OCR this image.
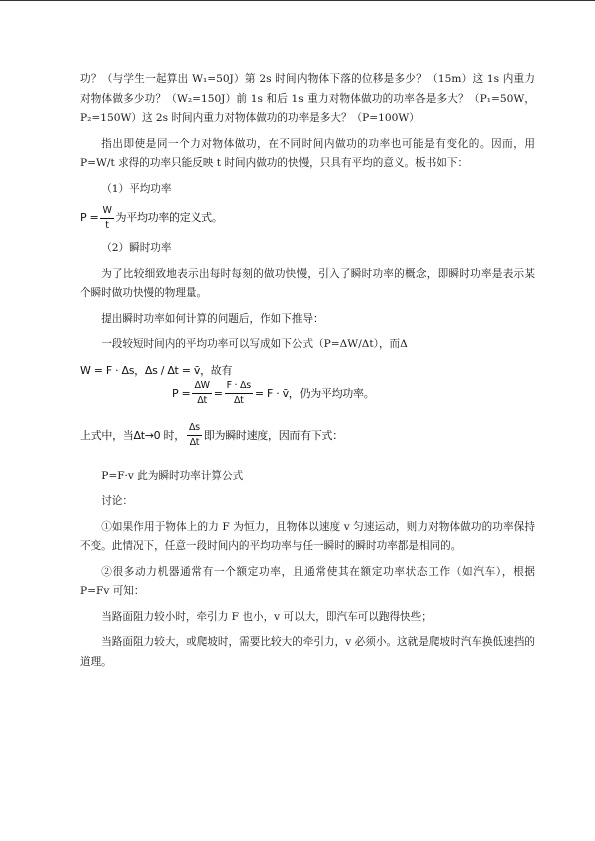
功？（与学生一起算出 W₁=50J）第 2s 时间内物体下落的位移是多少？（15m）这 1s 内重力对物体做多少功？（W₂=150J）前 1s 和后 1s 重力对物体做功的功率各是多大？（P₁=50W，P₂=150W）这 2s 时间内重力对物体做功的功率是多大？（P=100W）

指出即使是同一个力对物体做功，在不同时间内做功的功率也可能是有变化的。因而，用 P=W/t 求得的功率只能反映 t 时间内做功的快慢，只具有平均的意义。板书如下：

（1）平均功率
$P = \frac{W}{t}$ 为平均功率的定义式。
（2）瞬时功率

为了比较细致地表示出每时每刻的做功快慢，引入了瞬时功率的概念，即瞬时功率是表示某个瞬时做功快慢的物理量。

提出瞬时功率如何计算的问题后，作如下推导：

一段较短时间内的平均功率可以写成如下公式（P=ΔW/Δt），而Δ

W = F · Δs，Δs / Δt = v̄，故有
$P = \frac{\Delta W}{\Delta t} = \frac{F \cdot \Delta s}{\Delta t} = F$ · v̄，仍为平均功率。
上式中，当Δt→0 时， $\frac{\Delta s}{\Delta t}$ 即为瞬时速度，因而有下式：

P=F·v 此为瞬时功率计算公式

讨论：

①如果作用于物体上的力 F 为恒力，且物体以速度 v 匀速运动，则力对物体做功的功率保持不变。此情况下，任意一段时间内的平均功率与任一瞬时的瞬时功率都是相同的。

②很多动力机器通常有一个额定功率，且通常使其在额定功率状态工作（如汽车），根据 P=Fv 可知：

当路面阻力较小时，牵引力 F 也小，v 可以大，即汽车可以跑得快些；

当路面阻力较大，或爬坡时，需要比较大的牵引力，v 必须小。这就是爬坡时汽车换低速挡的道理。
